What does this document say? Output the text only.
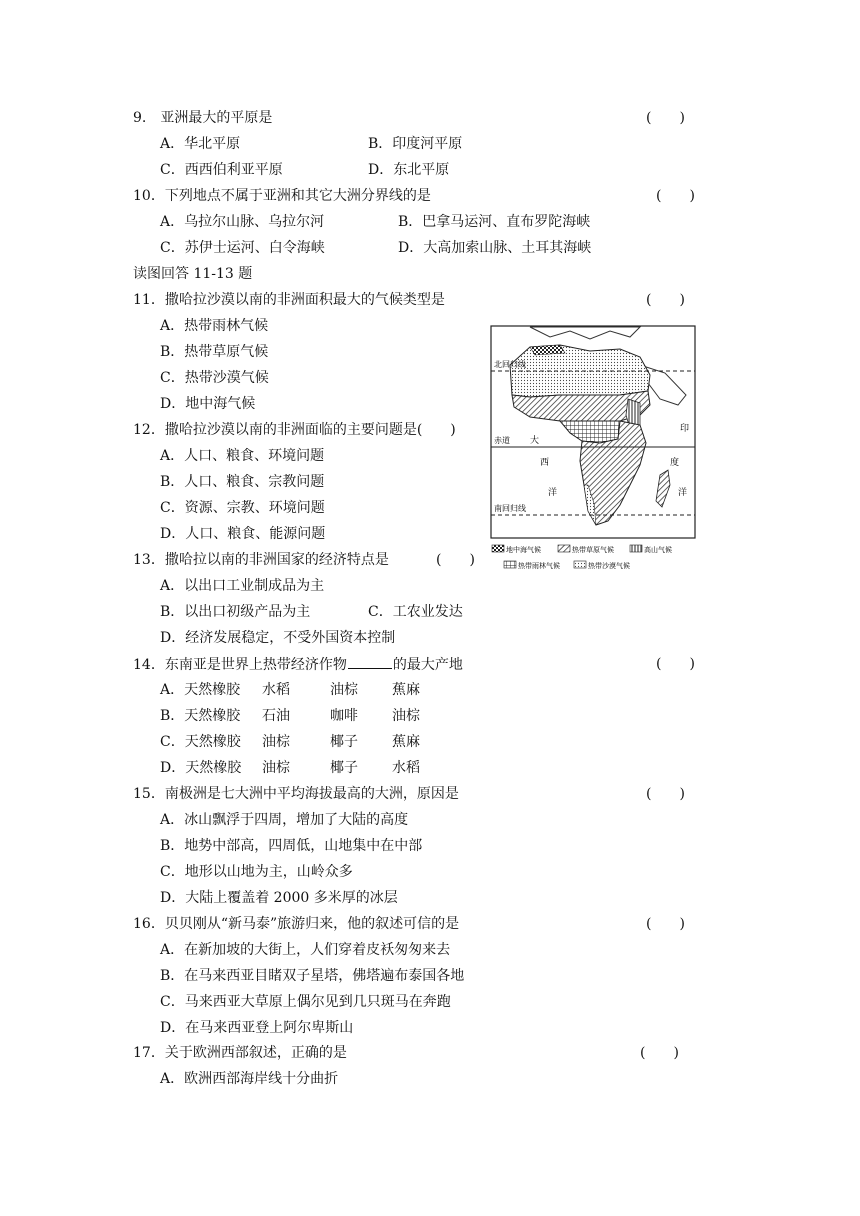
9.　亚洲最大的平原是	(　　)
A．华北平原	B．印度河平原
C．西西伯利亚平原	D．东北平原
10．下列地点不属于亚洲和其它大洲分界线的是	(　　)
A．乌拉尔山脉、乌拉尔河	B．巴拿马运河、直布罗陀海峡
C．苏伊士运河、白令海峡	D．大高加索山脉、土耳其海峡
读图回答 11-13 题
11．撒哈拉沙漠以南的非洲面积最大的气候类型是	(　　)
A．热带雨林气候
B．热带草原气候
C．热带沙漠气候
D．地中海气候
12．撒哈拉沙漠以南的非洲面临的主要问题是(　　)
A．人口、粮食、环境问题
B．人口、粮食、宗教问题
C．资源、宗教、环境问题
D．人口、粮食、能源问题
13．撒哈拉以南的非洲国家的经济特点是	(　　)
A．以出口工业制成品为主
B．以出口初级产品为主	C．工农业发达
D．经济发展稳定，不受外国资本控制
14．东南亚是世界上热带经济作物	的最大产地	(　　)
A．天然橡胶 水稻	油棕 蕉麻
B．天然橡胶 石油	咖啡 油棕
C．天然橡胶 油棕	椰子 蕉麻
D．天然橡胶 油棕	椰子 水稻
15．南极洲是七大洲中平均海拔最高的大洲，原因是	(　　)
A．冰山飘浮于四周，增加了大陆的高度
B．地势中部高，四周低，山地集中在中部
C．地形以山地为主，山岭众多
D．大陆上覆盖着 2000 多米厚的冰层
16．贝贝刚从“新马泰”旅游归来，他的叙述可信的是	(　　)
A．在新加坡的大街上，人们穿着皮袄匆匆来去
B．在马来西亚目睹双子星塔，佛塔遍布泰国各地
C．马来西亚大草原上偶尔见到几只斑马在奔跑
D．在马来西亚登上阿尔卑斯山
17．关于欧洲西部叙述，正确的是	(　　)
A．欧洲西部海岸线十分曲折
北回归线
赤道 大
西
洋
印
度
洋
南回归线
地中海气候	热带草原气候	高山气候
热带雨林气候	热带沙漠气候
